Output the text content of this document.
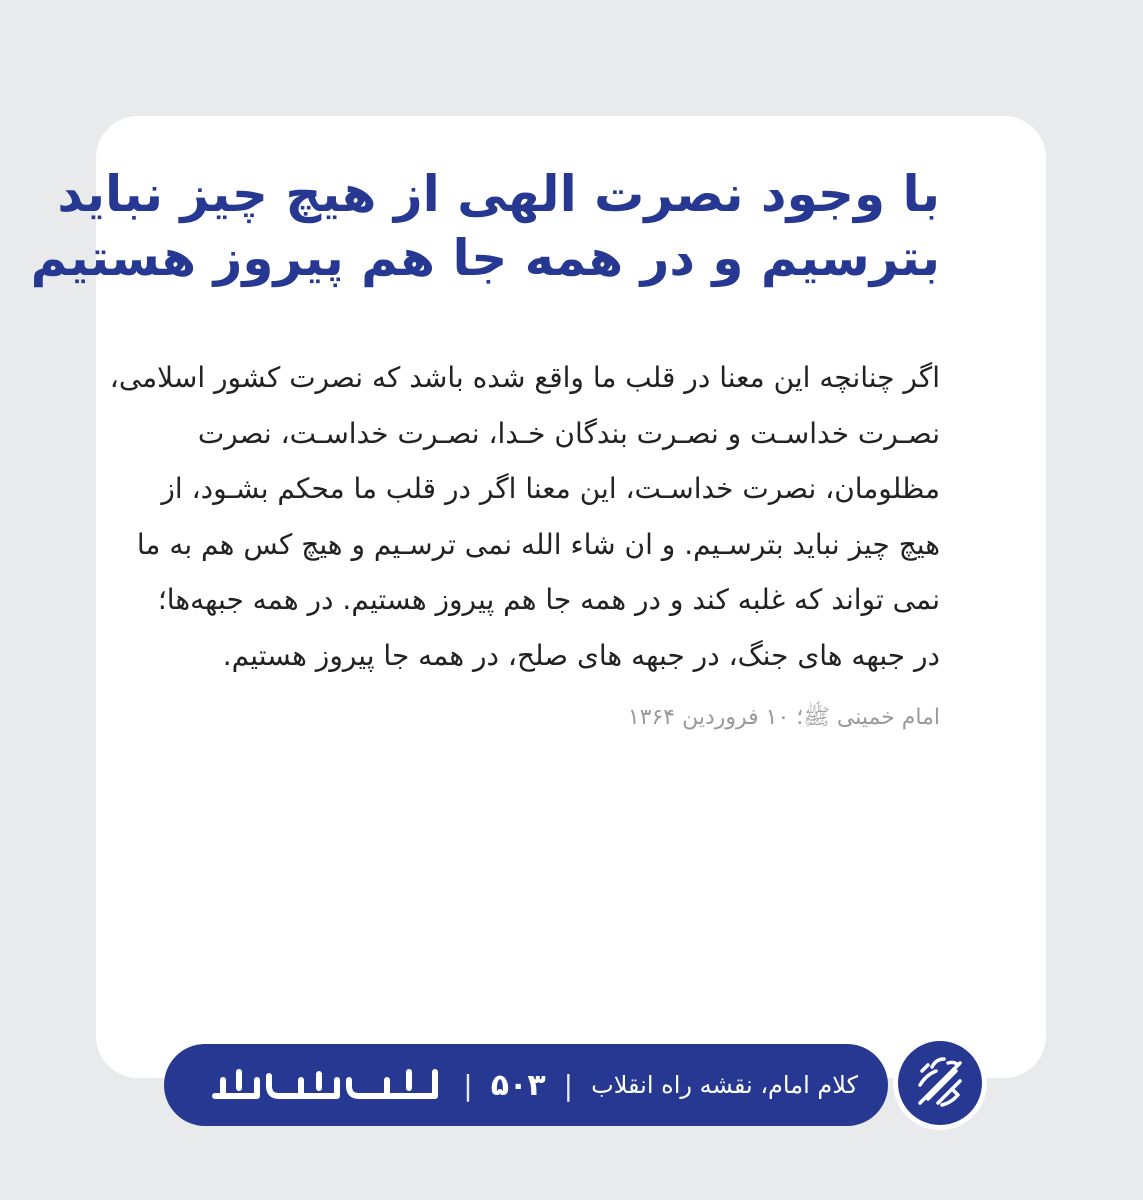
با وجود نصرت الهی از هیچ چیز نباید
بترسیم و در همه جا هم پیروز هستیم
اگر چنانچه این معنا در قلب ما واقع شده باشد که نصرت کشور اسلامی،
نصـرت خداسـت و نصـرت بندگان خـدا، نصـرت خداسـت، نصرت
مظلومان، نصرت خداسـت، این معنا اگر در قلب ما محکم بشـود، از
هیچ چیز نباید بترسـیم. و ان شاء الله نمی ترسـیم و هیچ کس هم به ما
نمی تواند که غلبه کند و در همه جا هم پیروز هستیم. در همه جبهه‌ها؛
در جبهه‌ های جنگ، در جبهه‌ های صلح، در همه جا پیروز هستیم.
امام خمینی ﷺ؛ ۱۰ فروردین ۱۳۶۴
کلام امام، نقشه راه انقلاب
|
۵۰۳
|
